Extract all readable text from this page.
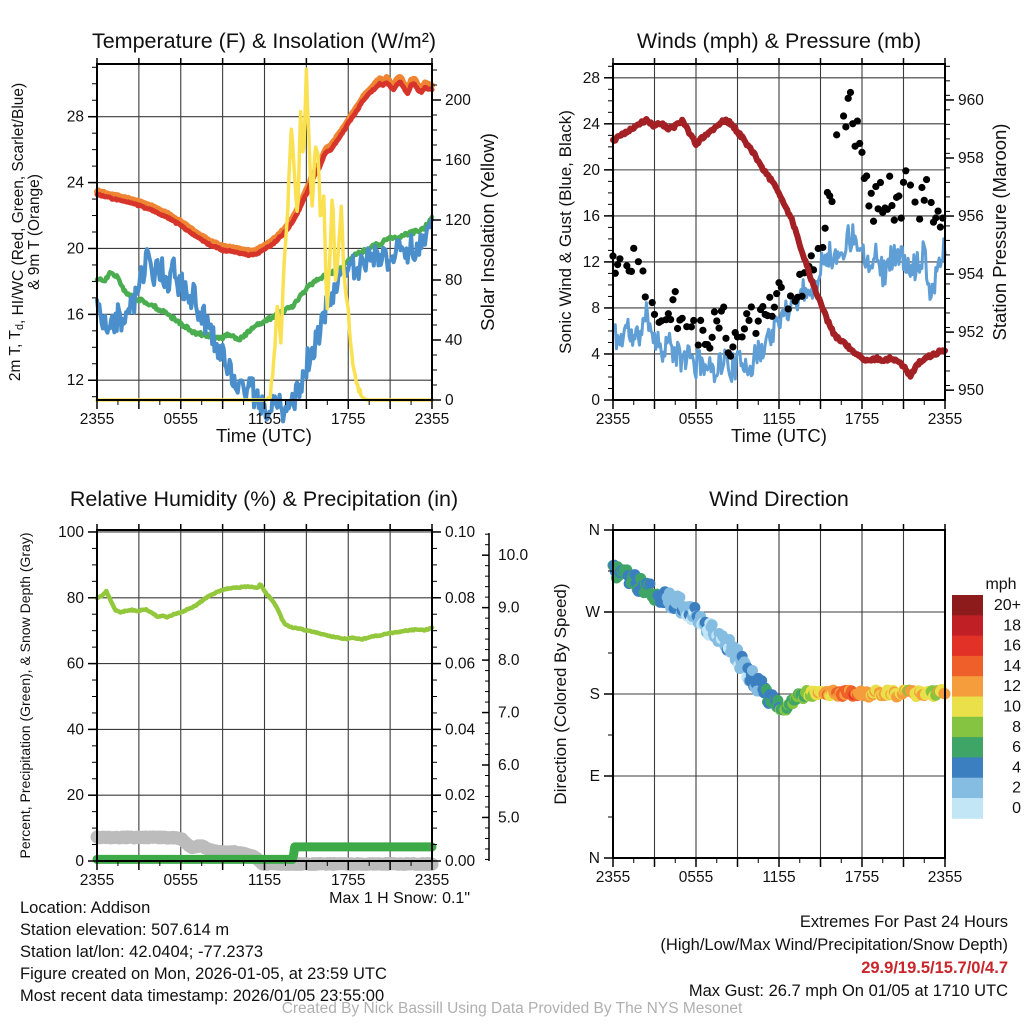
2355	0555	1155	1755	2355
12
16
20
24
28
0
40
80
120
160
200
Temperature (F) & Insolation (W/m²)
Time (UTC)
2m T, Td, HI/WC (Red, Green, Scarlet/Blue) & 9m T (Orange)	Solar Insolation (Yellow)
2355	0555	1155	1755	2355
0
4
8
12
16
20
24
28
950
952
954
956
958
960
Winds (mph) & Pressure (mb)
Time (UTC)
Sonic Wind & Gust (Blue, Black)	Station Pressure (Maroon)
2355	0555	1155	1755	2355
0
20
40
60
80
100
0.00
0.02
0.04
0.06
0.08
0.10
5.0
6.0
7.0
8.0
9.0
10.0
Relative Humidity (%) & Precipitation (in)
Percent, Precipitation (Green), & Snow Depth (Gray)
2355	0555	1155	1755	2355
N
E
S
W
N
mph
20+
18
16
14
12
10
8
6
4
2
0
Wind Direction
Direction (Colored By Speed)
Location: Addison
Station elevation: 507.614 m
Station lat/lon: 42.0404; -77.2373
Figure created on Mon, 2026-01-05, at 23:59 UTC
Most recent data timestamp: 2026/01/05 23:55:00
Max 1 H Snow: 0.1"
Extremes For Past 24 Hours
(High/Low/Max Wind/Precipitation/Snow Depth)
29.9/19.5/15.7/0/4.7
Max Gust: 26.7 mph On 01/05 at 1710 UTC
Created By Nick Bassill Using Data Provided By The NYS Mesonet
